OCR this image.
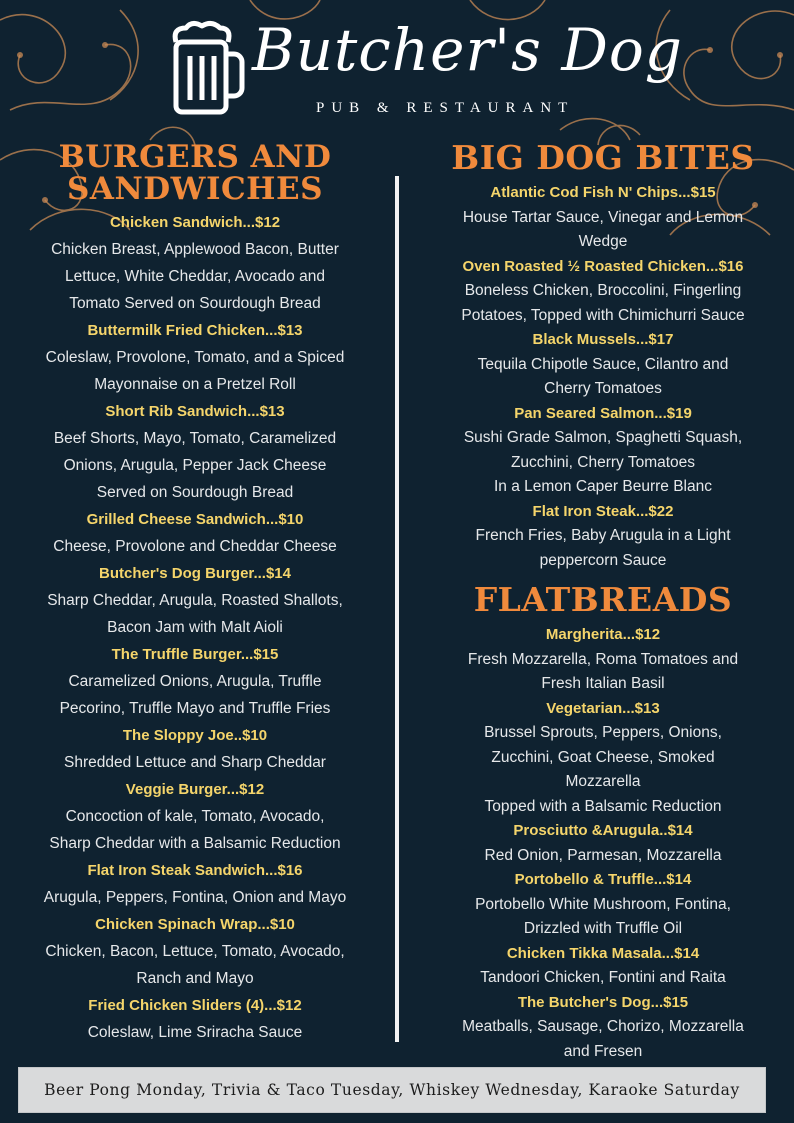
Butcher's Dog
PUB & RESTAURANT
BURGERS AND SANDWICHES
Chicken Sandwich...$12
Chicken Breast, Applewood Bacon, Butter
Lettuce, White Cheddar, Avocado and
Tomato Served on Sourdough Bread
Buttermilk Fried Chicken...$13
Coleslaw, Provolone, Tomato, and a Spiced
Mayonnaise on a Pretzel Roll
Short Rib Sandwich...$13
Beef Shorts, Mayo, Tomato, Caramelized
Onions, Arugula, Pepper Jack Cheese
Served on Sourdough Bread
Grilled Cheese Sandwich...$10
Cheese, Provolone and Cheddar Cheese
Butcher's Dog Burger...$14
Sharp Cheddar, Arugula, Roasted Shallots,
Bacon Jam with Malt Aioli
The Truffle Burger...$15
Caramelized Onions, Arugula, Truffle
Pecorino, Truffle Mayo and Truffle Fries
The Sloppy Joe..$10
Shredded Lettuce and Sharp Cheddar
Veggie Burger...$12
Concoction of kale, Tomato, Avocado,
Sharp Cheddar with a Balsamic Reduction
Flat Iron Steak Sandwich...$16
Arugula, Peppers, Fontina, Onion and Mayo
Chicken Spinach Wrap...$10
Chicken, Bacon, Lettuce, Tomato, Avocado,
Ranch and Mayo
Fried Chicken Sliders (4)...$12
Coleslaw, Lime Sriracha Sauce
BIG DOG BITES
Atlantic Cod Fish N' Chips...$15
House Tartar Sauce, Vinegar and Lemon
Wedge
Oven Roasted ½ Roasted Chicken...$16
Boneless Chicken, Broccolini, Fingerling
Potatoes, Topped with Chimichurri Sauce
Black Mussels...$17
Tequila Chipotle Sauce, Cilantro and
Cherry Tomatoes
Pan Seared Salmon...$19
Sushi Grade Salmon, Spaghetti Squash,
Zucchini, Cherry Tomatoes
In a Lemon Caper Beurre Blanc
Flat Iron Steak...$22
French Fries, Baby Arugula in a Light
peppercorn Sauce
FLATBREADS
Margherita...$12
Fresh Mozzarella, Roma Tomatoes and
Fresh Italian Basil
Vegetarian...$13
Brussel Sprouts, Peppers, Onions,
Zucchini, Goat Cheese, Smoked
Mozzarella
Topped with a Balsamic Reduction
Prosciutto &Arugula..$14
Red Onion, Parmesan, Mozzarella
Portobello & Truffle...$14
Portobello White Mushroom, Fontina,
Drizzled with Truffle Oil
Chicken Tikka Masala...$14
Tandoori Chicken, Fontini and Raita
The Butcher's Dog...$15
Meatballs, Sausage, Chorizo, Mozzarella
and Fresen
Beer Pong Monday, Trivia & Taco Tuesday, Whiskey Wednesday, Karaoke Saturday
